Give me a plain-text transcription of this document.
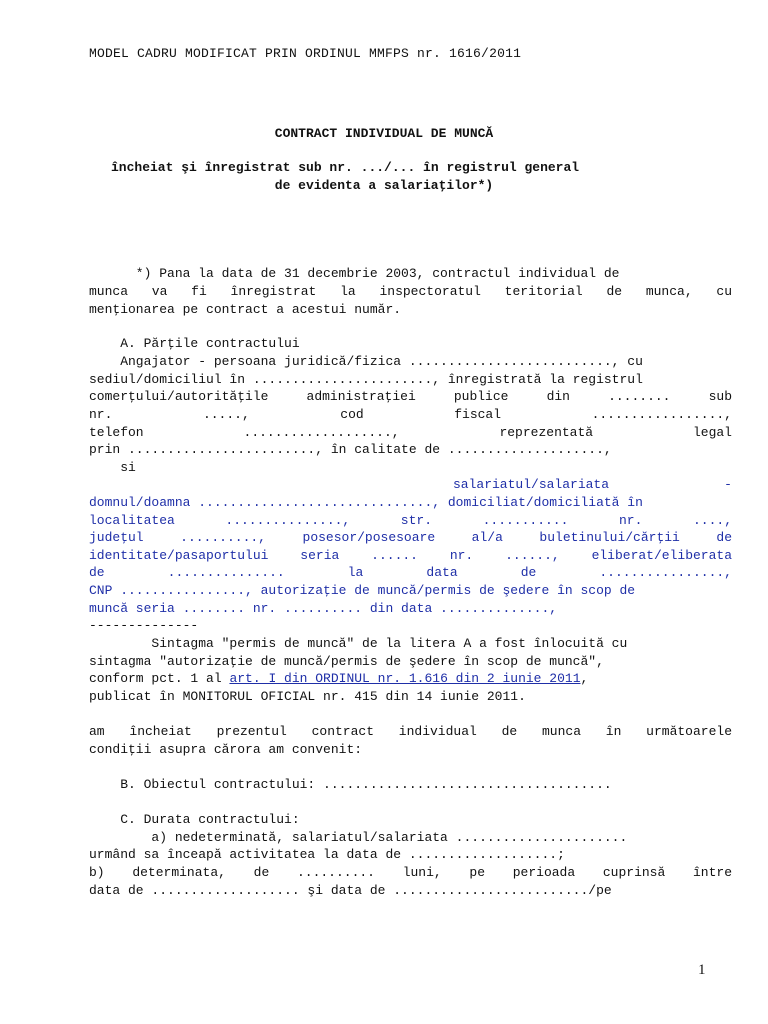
MODEL CADRU MODIFICAT PRIN ORDINUL MMFPS nr. 1616/2011
CONTRACT INDIVIDUAL DE MUNCĂ
încheiat şi înregistrat sub nr. .../... în registrul general
de evidenta a salariaţilor*)
*) Pana la data de 31 decembrie 2003, contractul individual de
munca va fi înregistrat la inspectoratul teritorial de munca, cu
menţionarea pe contract a acestui număr.
A. Părţile contractului
Angajator - persoana juridică/fizica .........................., cu
sediul/domiciliul în ......................., înregistrată la registrul
comerţului/autorităţile administraţiei publice din ........ sub
nr. ....., cod fiscal .................,
telefon ..................., reprezentată legal
prin ........................, în calitate de ....................,
si
salariatul/salariata -
domnul/doamna .............................., domiciliat/domiciliată în
localitatea ..............., str. ........... nr. ....,
judeţul .........., posesor/posesoare al/a buletinului/cărţii de
identitate/pasaportului seria ...... nr. ......, eliberat/eliberata
de ............... la data de ................,
CNP ................, autorizaţie de muncă/permis de şedere în scop de
muncă seria ........ nr. .......... din data ..............,
--------------
Sintagma "permis de muncă" de la litera A a fost înlocuită cu
sintagma "autorizaţie de muncă/permis de şedere în scop de muncă",
conform pct. 1 al art. I din ORDINUL nr. 1.616 din 2 iunie 2011,
publicat în MONITORUL OFICIAL nr. 415 din 14 iunie 2011.
am încheiat prezentul contract individual de munca în următoarele
condiţii asupra cărora am convenit:
B. Obiectul contractului: .....................................
C. Durata contractului:
a) nedeterminată, salariatul/salariata ......................
urmând sa înceapă activitatea la data de ...................;
b) determinata, de .......... luni, pe perioada cuprinsă între
data de ................... şi data de ........................./pe
1
